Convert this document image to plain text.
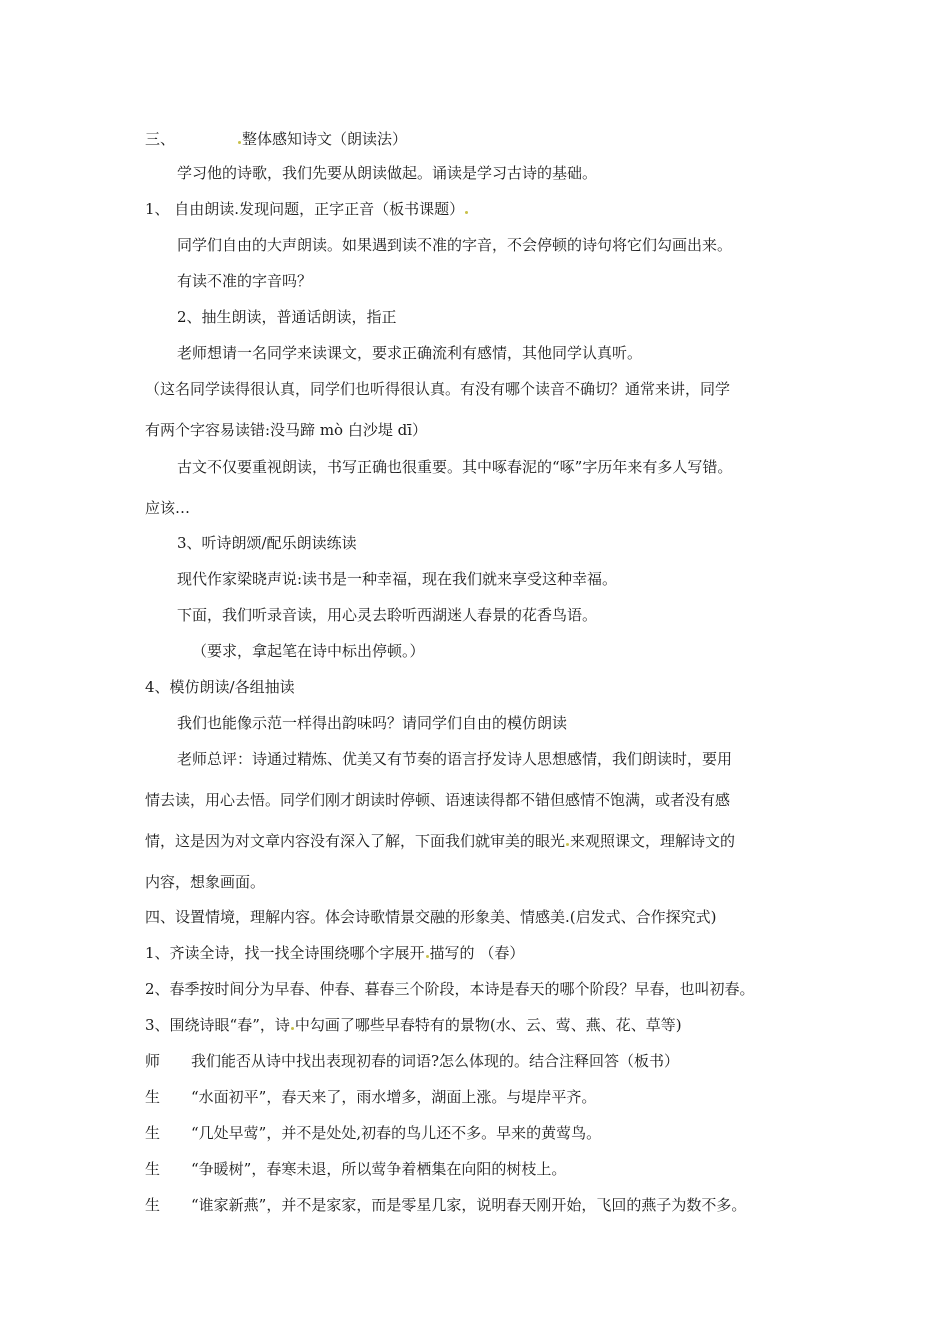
三、	整体感知诗文（朗读法）
学习他的诗歌，我们先要从朗读做起。诵读是学习古诗的基础。
1、 自由朗读.发现问题，正字正音（板书课题）
同学们自由的大声朗读。如果遇到读不准的字音，不会停顿的诗句将它们勾画出来。
有读不准的字音吗？
2、抽生朗读，普通话朗读，指正
老师想请一名同学来读课文，要求正确流利有感情，其他同学认真听。
（这名同学读得很认真，同学们也听得很认真。有没有哪个读音不确切？通常来讲，同学
有两个字容易读错:没马蹄 mò 白沙堤 dī）
古文不仅要重视朗读，书写正确也很重要。其中啄春泥的“啄”字历年来有多人写错。
应该…
3、听诗朗颂/配乐朗读练读
现代作家梁晓声说:读书是一种幸福，现在我们就来享受这种幸福。
下面，我们听录音读，用心灵去聆听西湖迷人春景的花香鸟语。
（要求，拿起笔在诗中标出停顿。）
4、模仿朗读/各组抽读
我们也能像示范一样得出韵味吗？请同学们自由的模仿朗读
老师总评：诗通过精炼、优美又有节奏的语言抒发诗人思想感情，我们朗读时，要用
情去读，用心去悟。同学们刚才朗读时停顿、语速读得都不错但感情不饱满，或者没有感
情，这是因为对文章内容没有深入了解，下面我们就审美的眼光 来观照课文，理解诗文的
内容，想象画面。
四、设置情境，理解内容。体会诗歌情景交融的形象美、情感美.(启发式、合作探究式)
1、齐读全诗，找一找全诗围绕哪个字展开 描写的 （春）
2、春季按时间分为早春、仲春、暮春三个阶段，本诗是春天的哪个阶段？早春，也叫初春。
3、围绕诗眼“春”，诗 中勾画了哪些早春特有的景物(水、云、莺、燕、花、草等)
师 我们能否从诗中找出表现初春的词语?怎么体现的。结合注释回答（板书）
生 “水面初平”，春天来了，雨水增多，湖面上涨。与堤岸平齐。
生 “几处早莺”，并不是处处,初春的鸟儿还不多。早来的黄莺鸟。
生 “争暖树”，春寒未退，所以莺争着栖集在向阳的树枝上。
生 “谁家新燕”，并不是家家，而是零星几家，说明春天刚开始，飞回的燕子为数不多。
